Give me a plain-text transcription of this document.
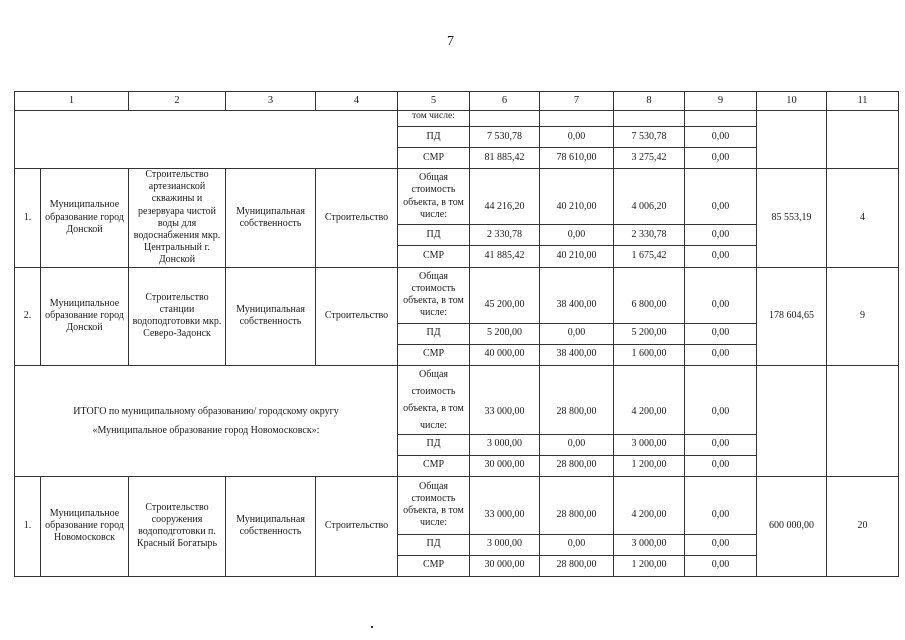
7
1		2	3	4	5	6	7	8	9	10	11
					том числе:						
					ПД	7 530,78	0,00	7 530,78	0,00		
					СМР	81 885,42	78 610,00	3 275,42	0,00		
1.	Муниципальное образование город Донской	Строительство артезианской скважины и резервуара чистой воды для водоснабжения мкр. Центральный г. Донской	Муниципальная собственность	Строительство	Общая стоимость объекта, в том числе:	44 216,20	40 210,00	4 006,20	0,00	85 553,19	4
					ПД	2 330,78	0,00	2 330,78	0,00		
					СМР	41 885,42	40 210,00	1 675,42	0,00		
2.	Муниципальное образование город Донской	Строительство станции водоподготовки мкр. Северо-Задонск	Муниципальная собственность	Строительство	Общая стоимость объекта, в том числе:	45 200,00	38 400,00	6 800,00	0,00	178 604,65	9
					ПД	5 200,00	0,00	5 200,00	0,00		
					СМР	40 000,00	38 400,00	1 600,00	0,00		

ИТОГО по муниципальному образованию/ городскому округу
«Муниципальное образование город Новомосковск»:					Общая стоимость объекта, в том числе:	33 000,00	28 800,00	4 200,00	0,00		
					ПД	3 000,00	0,00	3 000,00	0,00		
					СМР	30 000,00	28 800,00	1 200,00	0,00		
1.	Муниципальное образование город Новомосковск	Строительство сооружения водоподготовки п. Красный Богатырь	Муниципальная собственность	Строительство	Общая стоимость объекта, в том числе:	33 000,00	28 800,00	4 200,00	0,00	600 000,00	20
					ПД	3 000,00	0,00	3 000,00	0,00		
					СМР	30 000,00	28 800,00	1 200,00	0,00		
